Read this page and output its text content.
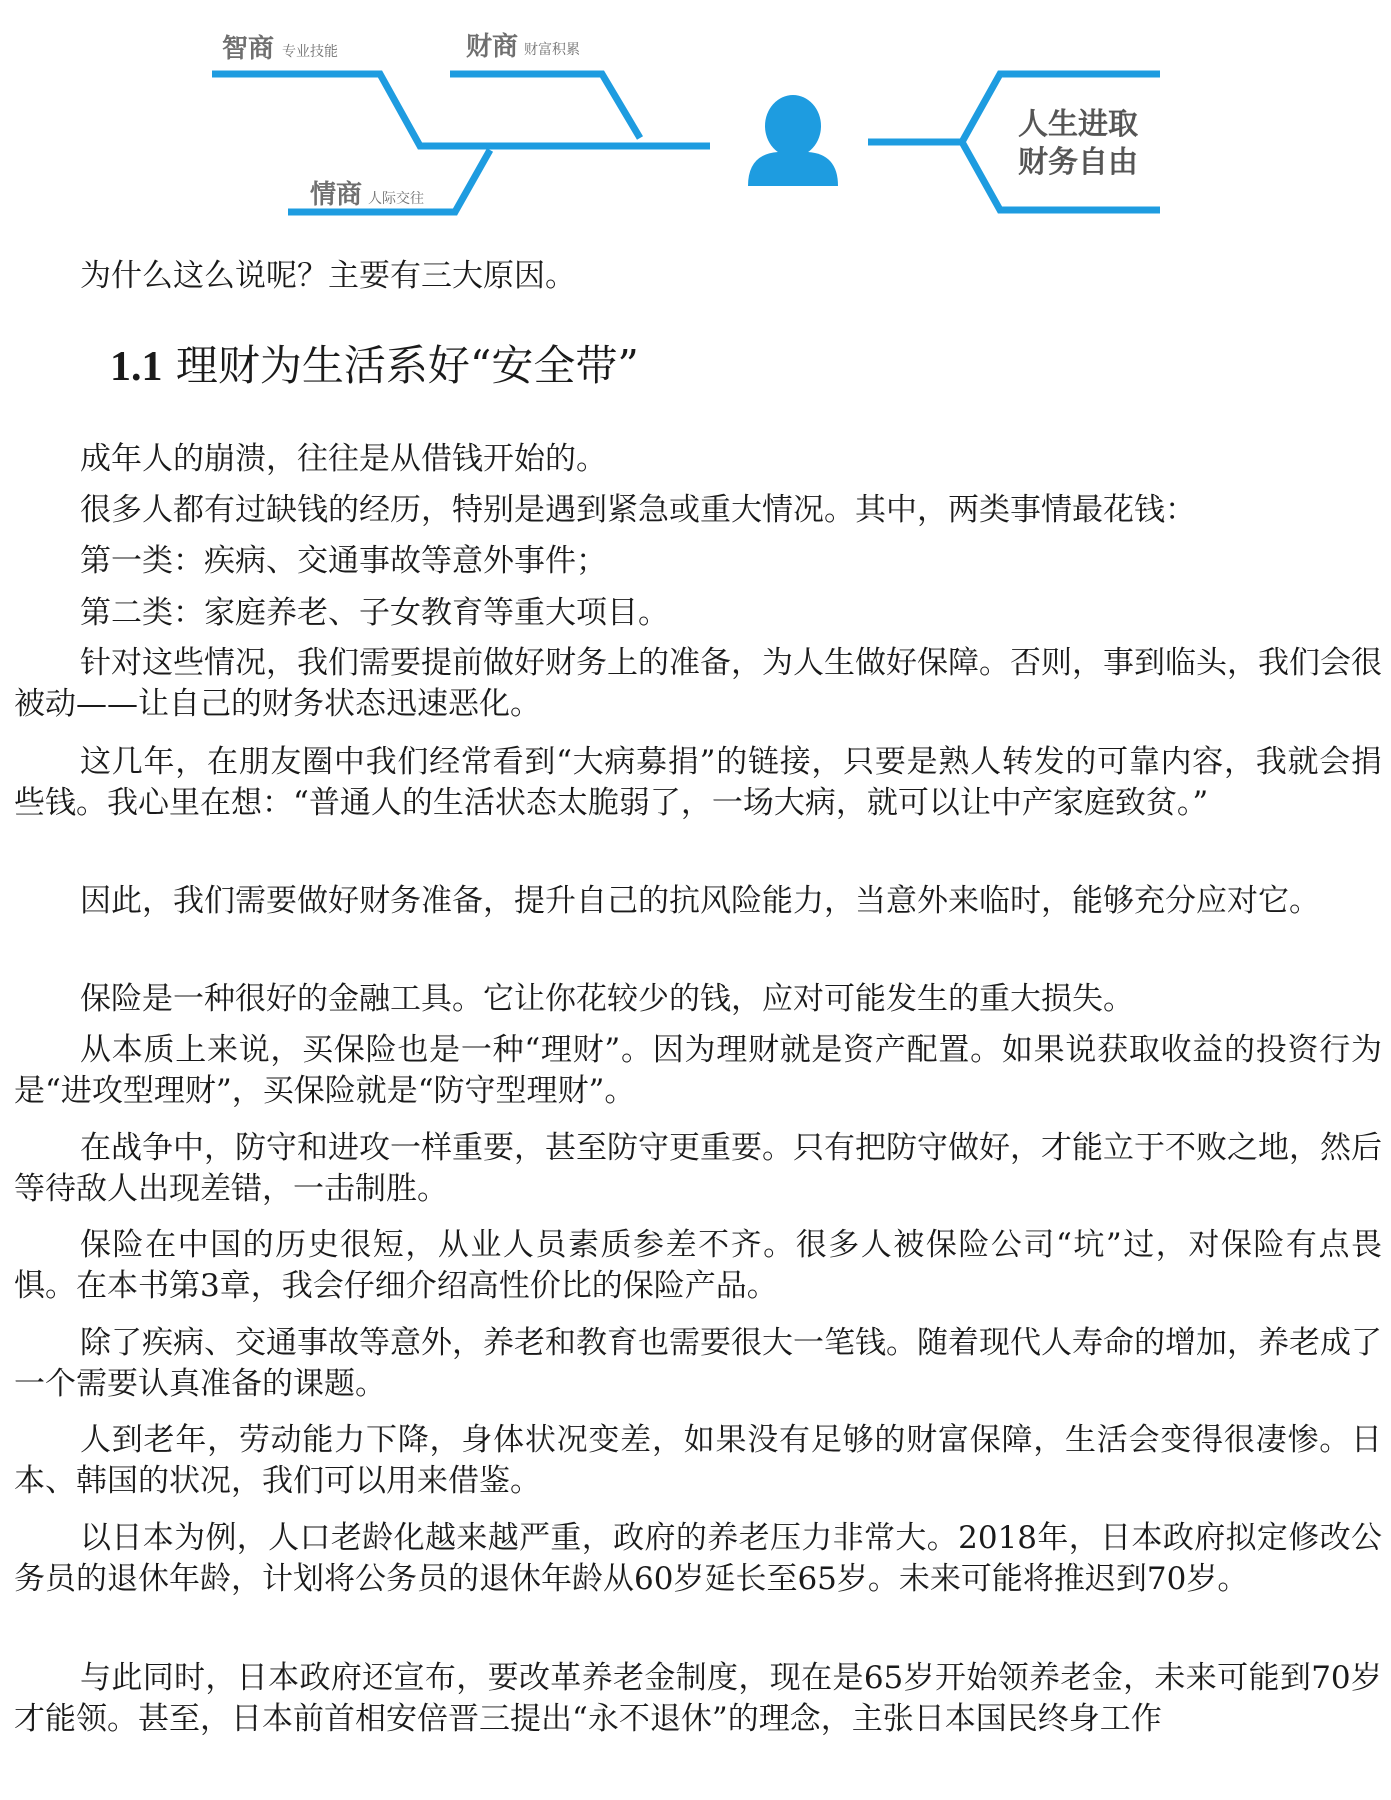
智商 专业技能	财商 财富积累
情商 人际交往
人生进取
财务自由

为什么这么说呢？主要有三大原因。

1.1 理财为生活系好“安全带”

成年人的崩溃，往往是从借钱开始的。

很多人都有过缺钱的经历，特别是遇到紧急或重大情况。其中，两类事情最花钱：

第一类：疾病、交通事故等意外事件；

第二类：家庭养老、子女教育等重大项目。

针对这些情况，我们需要提前做好财务上的准备，为人生做好保障。否则，事到临头，我们会很被动——让自己的财务状态迅速恶化。

这几年，在朋友圈中我们经常看到“大病募捐”的链接，只要是熟人转发的可靠内容，我就会捐些钱。我心里在想：“普通人的生活状态太脆弱了，一场大病，就可以让中产家庭致贫。”

因此，我们需要做好财务准备，提升自己的抗风险能力，当意外来临时，能够充分应对它。

保险是一种很好的金融工具。它让你花较少的钱，应对可能发生的重大损失。

从本质上来说，买保险也是一种“理财”。因为理财就是资产配置。如果说获取收益的投资行为是“进攻型理财”，买保险就是“防守型理财”。

在战争中，防守和进攻一样重要，甚至防守更重要。只有把防守做好，才能立于不败之地，然后等待敌人出现差错，一击制胜。

保险在中国的历史很短，从业人员素质参差不齐。很多人被保险公司“坑”过，对保险有点畏惧。在本书第3章，我会仔细介绍高性价比的保险产品。

除了疾病、交通事故等意外，养老和教育也需要很大一笔钱。随着现代人寿命的增加，养老成了一个需要认真准备的课题。

人到老年，劳动能力下降，身体状况变差，如果没有足够的财富保障，生活会变得很凄惨。日本、韩国的状况，我们可以用来借鉴。

以日本为例，人口老龄化越来越严重，政府的养老压力非常大。2018年，日本政府拟定修改公务员的退休年龄，计划将公务员的退休年龄从60岁延长至65岁。未来可能将推迟到70岁。

与此同时，日本政府还宣布，要改革养老金制度，现在是65岁开始领养老金，未来可能到70岁才能领。甚至，日本前首相安倍晋三提出“永不退休”的理念，主张日本国民终身工作
